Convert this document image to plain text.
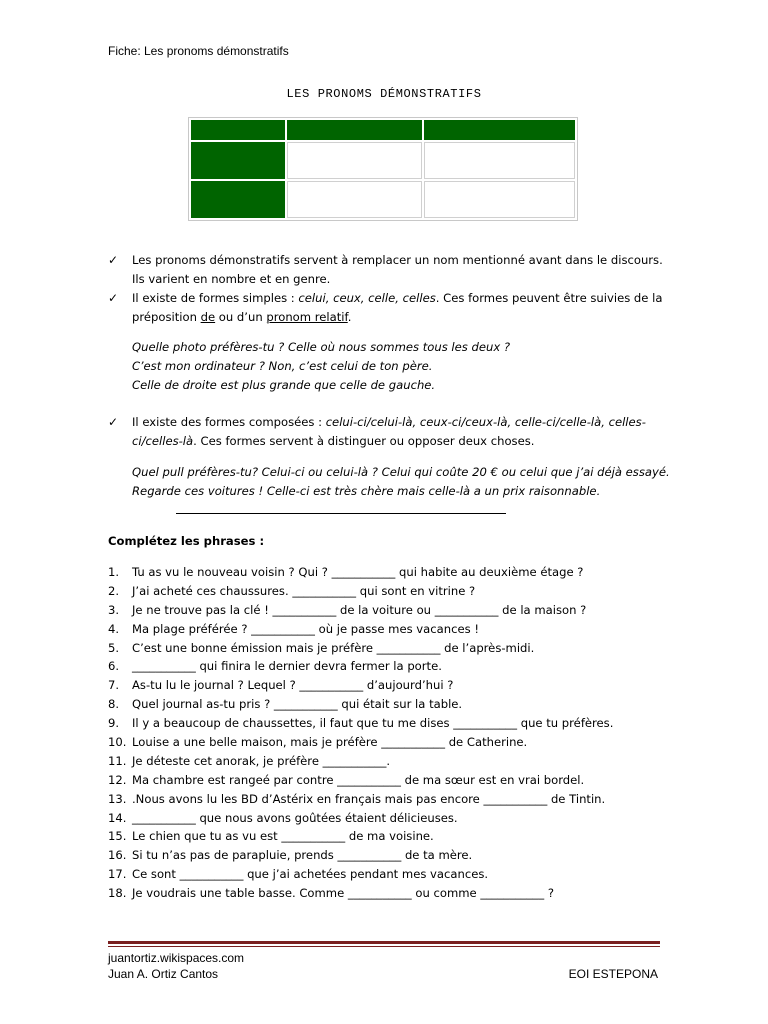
Fiche: Les pronoms démonstratifs
LES PRONOMS DÉMONSTRATIFS

✓ Les pronoms démonstratifs servent à remplacer un nom mentionné avant dans le discours.
Ils varient en nombre et en genre.
✓ Il existe de formes simples : celui, ceux, celle, celles. Ces formes peuvent être suivies de la
préposition de ou d’un pronom relatif.
Quelle photo préfères-tu ? Celle où nous sommes tous les deux ?
C’est mon ordinateur ? Non, c’est celui de ton père.
Celle de droite est plus grande que celle de gauche.
✓ Il existe des formes composées : celui-ci/celui-là, ceux-ci/ceux-là, celle-ci/celle-là, celles-
ci/celles-là. Ces formes servent à distinguer ou opposer deux choses.
Quel pull préfères-tu? Celui-ci ou celui-là ? Celui qui coûte 20 € ou celui que j’ai déjà essayé.
Regarde ces voitures ! Celle-ci est très chère mais celle-là a un prix raisonnable.
Complétez les phrases :
1. Tu as vu le nouveau voisin ? Qui ? ___________ qui habite au deuxième étage ?
2. J’ai acheté ces chaussures. ___________ qui sont en vitrine ?
3. Je ne trouve pas la clé ! ___________ de la voiture ou ___________ de la maison ?
4. Ma plage préférée ? ___________ où je passe mes vacances !
5. C’est une bonne émission mais je préfère ___________ de l’après-midi.
6. ___________ qui finira le dernier devra fermer la porte.
7. As-tu lu le journal ? Lequel ? ___________ d’aujourd’hui ?
8. Quel journal as-tu pris ? ___________ qui était sur la table.
9. Il y a beaucoup de chaussettes, il faut que tu me dises ___________ que tu préfères.
10. Louise a une belle maison, mais je préfère ___________ de Catherine.
11. Je déteste cet anorak, je préfère ___________.
12. Ma chambre est rangeé par contre ___________ de ma sœur est en vrai bordel.
13. .Nous avons lu les BD d’Astérix en français mais pas encore ___________ de Tintin.
14. ___________ que nous avons goûtées étaient délicieuses.
15. Le chien que tu as vu est ___________ de ma voisine.
16. Si tu n’as pas de parapluie, prends ___________ de ta mère.
17. Ce sont ___________ que j’ai achetées pendant mes vacances.
18. Je voudrais une table basse. Comme ___________ ou comme ___________ ?
juantortiz.wikispaces.com
Juan A. Ortiz Cantos	EOI ESTEPONA
